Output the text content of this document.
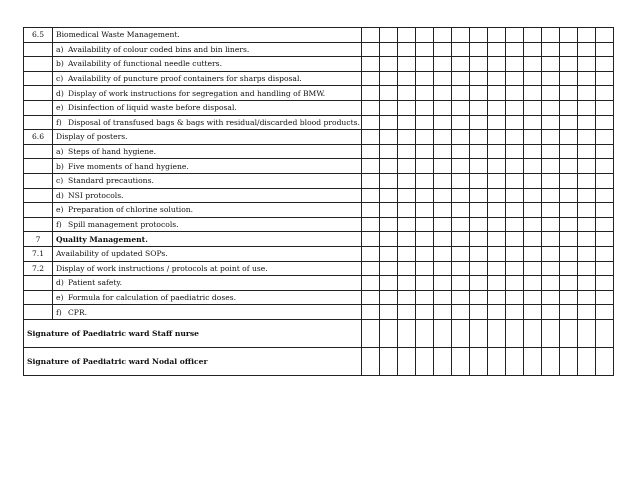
6.5	Biomedical Waste Management.														
	a) Availability of colour coded bins and bin liners.														
	b) Availability of functional needle cutters.														
	c) Availability of puncture proof containers for sharps disposal.														
	d) Display of work instructions for segregation and handling of BMW.														
	e) Disinfection of liquid waste before disposal.														
	f) Disposal of transfused bags & bags with residual/discarded blood products.														
6.6	Display of posters.														
	a) Steps of hand hygiene.														
	b) Five moments of hand hygiene.														
	c) Standard precautions.														
	d) NSI protocols.														
	e) Preparation of chlorine solution.														
	f) Spill management protocols.														
7	Quality Management.														
7.1	Availability of updated SOPs.														
7.2	Display of work instructions / protocols at point of use.														
	d) Patient safety.														
	e) Formula for calculation of paediatric doses.														
	f) CPR.														
Signature of Paediatric ward Staff nurse															
Signature of Paediatric ward Nodal officer															
